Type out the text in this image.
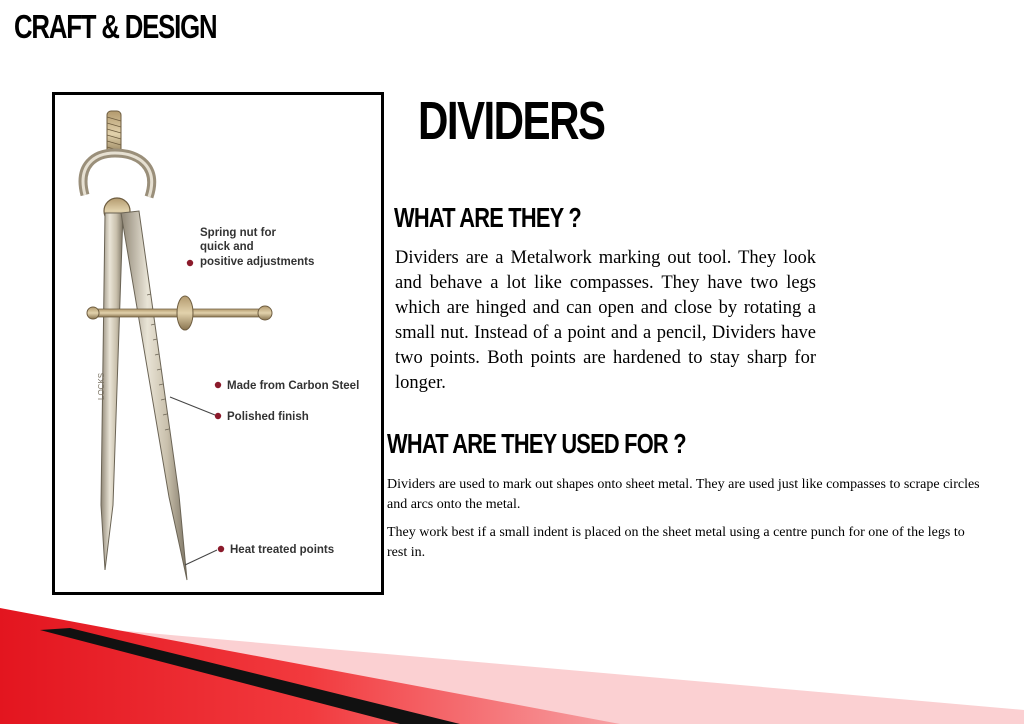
CRAFT & DESIGN
LOCKS
Spring nut for
quick and
positive adjustments
Made from Carbon Steel
Polished finish
Heat treated points
DIVIDERS
WHAT ARE THEY ?
Dividers are a Metalwork marking out tool. They look and behave a lot like compasses. They have two legs which are hinged and can open and close by rotating a small nut. Instead of a point and a pencil, Dividers have two points. Both points are hardened to stay sharp for longer.
WHAT ARE THEY USED FOR ?

Dividers are used to mark out shapes onto sheet metal. They are used just like compasses to scrape circles and arcs onto the metal.

They work best if a small indent is placed on the sheet metal using a centre punch for one of the legs to rest in.
